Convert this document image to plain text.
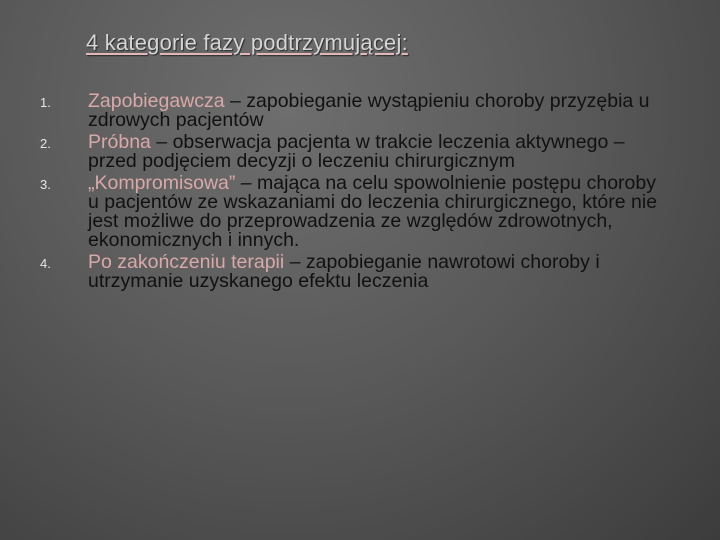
4 kategorie fazy podtrzymującej:
1. Zapobiegawcza – zapobieganie wystąpieniu choroby przyzębia u zdrowych pacjentów
2. Próbna – obserwacja pacjenta w trakcie leczenia aktywnego – przed podjęciem decyzji o leczeniu chirurgicznym
3. „Kompromisowa” – mająca na celu spowolnienie postępu choroby u pacjentów ze wskazaniami do leczenia chirurgicznego, które nie jest możliwe do przeprowadzenia ze względów zdrowotnych, ekonomicznych i innych.
4. Po zakończeniu terapii – zapobieganie nawrotowi choroby i utrzymanie uzyskanego efektu leczenia
